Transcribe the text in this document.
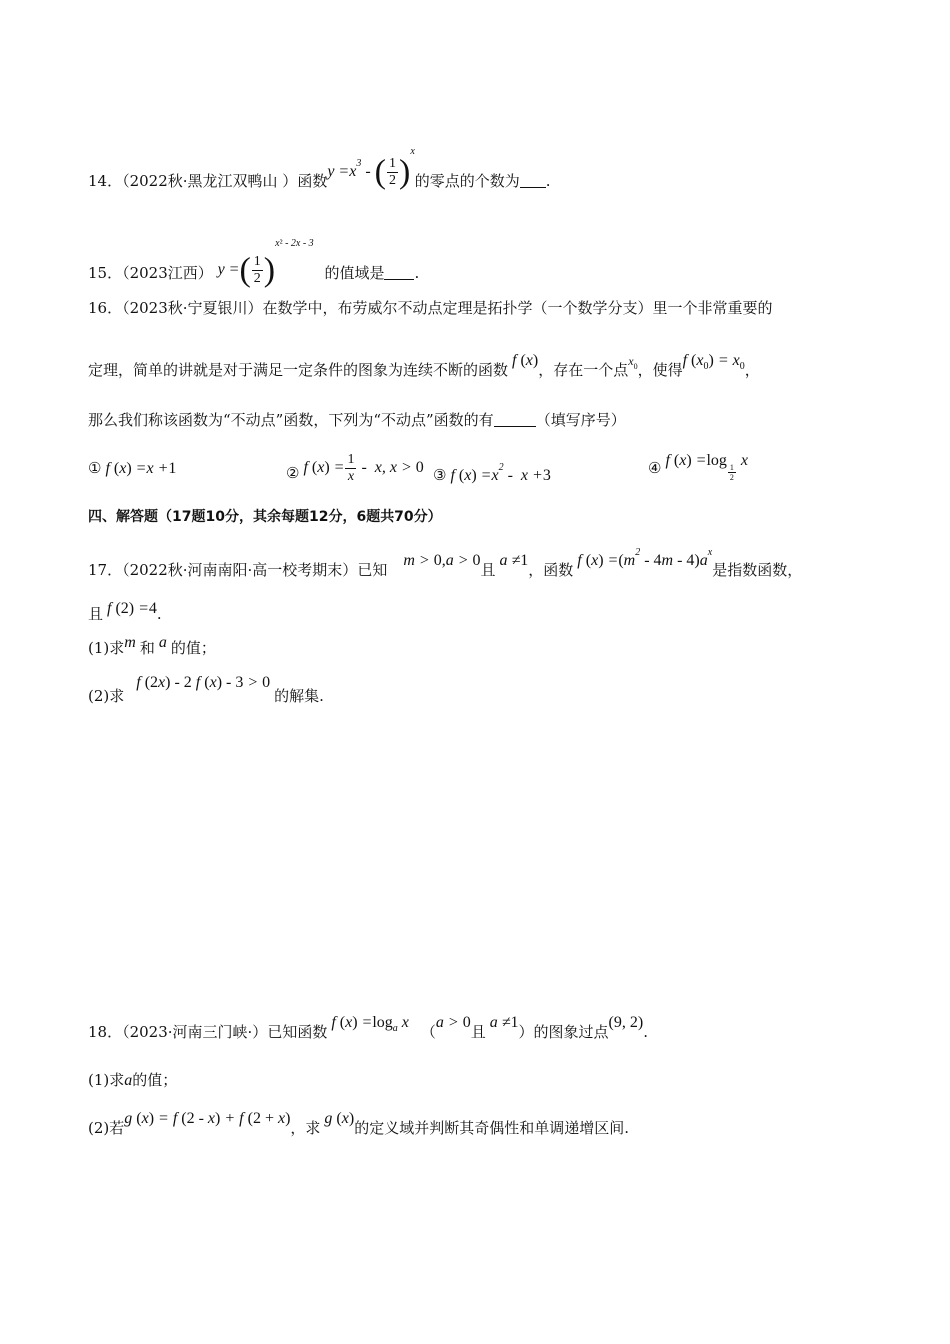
14．（2022秋·黑龙江双鸭山 ）函数$y =x^3$ - ( $\frac{1}{2} )^x$的零点的个数为 .
15．（2023江西） y =( $\frac{1}{2} )^{x^2 - 2x - 3}$ 的值域是 .
16．（2023秋·宁夏银川）在数学中，布劳威尔不动点定理是拓扑学（一个数学分支）里一个非常重要的
定理，简单的讲就是对于满足一定条件的图象为连续不断的函数 f (x)，存在一个点$^{x_0}$，使得f $(x_0) = x_0$，
那么我们称该函数为“不动点”函数，下列为“不动点”函数的有	（填写序号）
① f (x) =x +1	② f $(x) = \frac{1}{x} - x$, x > 0 ③ f $(x) =x^2 - x +3$	④ f (x) =log
$_{\frac{1}{2}}$
x
四、解答题（17题10分，其余每题12分，6题共70分）
17．（2022秋·河南南阳·高一校考期末）已知m > 0,a > 0且 a ≠1，函数 f $(x) =(m^2 - 4m - 4)a^x$是指数函数，
且 f (2) =4.
(1)求m 和 a 的值；
(2)求f (2x) - 2 f (x) - 3 > 0的解集.
18．（2023·河南三门峡·）已知函数 f $(x) =\log_a$ x （a > 0且 a ≠1）的图象过点(9, 2).
(1)求a的值；
(2)若g (x) = f (2 - x) + f (2 + x)，求 g (x)的定义域并判断其奇偶性和单调递增区间.
